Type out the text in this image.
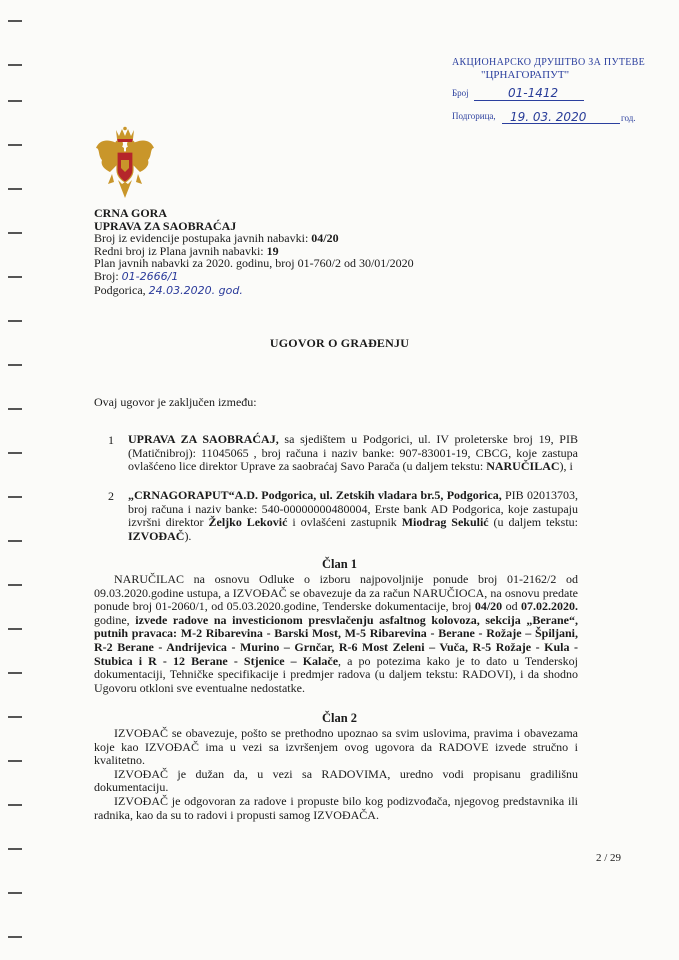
АКЦИОНАРСКО ДРУШТВО ЗА ПУТЕВЕ
"ЦРНАГОРАПУТ"
Број	01-1412
Подгорица, 19. 03. 2020	год.
CRNA GORA
UPRAVA ZA SAOBRAĆAJ
Broj iz evidencije postupaka javnih nabavki: 04/20
Redni broj iz Plana javnih nabavki: 19
Plan javnih nabavki za 2020. godinu, broj 01-760/2 od 30/01/2020
Broj: 01-2666/1
Podgorica, 24.03.2020. god.
UGOVOR O GRAĐENJU
Ovaj ugovor je zaključen između:
1 UPRAVA ZA SAOBRAĆAJ, sa sjedištem u Podgorici, ul. IV proleterske broj 19, PIB (Matičnibroj): 11045065 , broj računa i naziv banke: 907-83001-19, CBCG, koje zastupa ovlašćeno lice direktor Uprave za saobraćaj Savo Parača (u daljem tekstu: NARUČILAC), i
2 „CRNAGORAPUT“A.D. Podgorica, ul. Zetskih vladara br.5, Podgorica, PIB 02013703, broj računa i naziv banke: 540-00000000480004, Erste bank AD Podgorica, koje zastupaju izvršni direktor Željko Leković i ovlašćeni zastupnik Miodrag Sekulić (u daljem tekstu: IZVOĐAČ).
Član 1
NARUČILAC na osnovu Odluke o izboru najpovoljnije ponude broj 01-2162/2 od 09.03.2020.godine ustupa, a IZVOĐAČ se obavezuje da za račun NARUČIOCA, na osnovu predate ponude broj 01-2060/1, od 05.03.2020.godine, Tenderske dokumentacije, broj 04/20 od 07.02.2020. godine, izvede radove na investicionom presvlačenju asfaltnog kolovoza, sekcija „Berane“, putnih pravaca: M-2 Ribarevina - Barski Most, M-5 Ribarevina - Berane - Rožaje – Špiljani, R-2 Berane - Andrijevica - Murino – Grnčar, R-6 Most Zeleni – Vuča, R-5 Rožaje - Kula - Stubica i R - 12 Berane - Stjenice – Kalače, a po potezima kako je to dato u Tenderskoj dokumentaciji, Tehničke specifikacije i predmjer radova (u daljem tekstu: RADOVI), i da shodno Ugovoru otkloni sve eventualne nedostatke.
Član 2

IZVOĐAČ se obavezuje, pošto se prethodno upoznao sa svim uslovima, pravima i obavezama koje kao IZVOĐAČ ima u vezi sa izvršenjem ovog ugovora da RADOVE izvede stručno i kvalitetno.

IZVOĐAČ je dužan da, u vezi sa RADOVIMA, uredno vodi propisanu gradilišnu dokumentaciju.

IZVOĐAČ je odgovoran za radove i propuste bilo kog podizvođača, njegovog predstavnika ili radnika, kao da su to radovi i propusti samog IZVOĐAČA.

2 / 29
